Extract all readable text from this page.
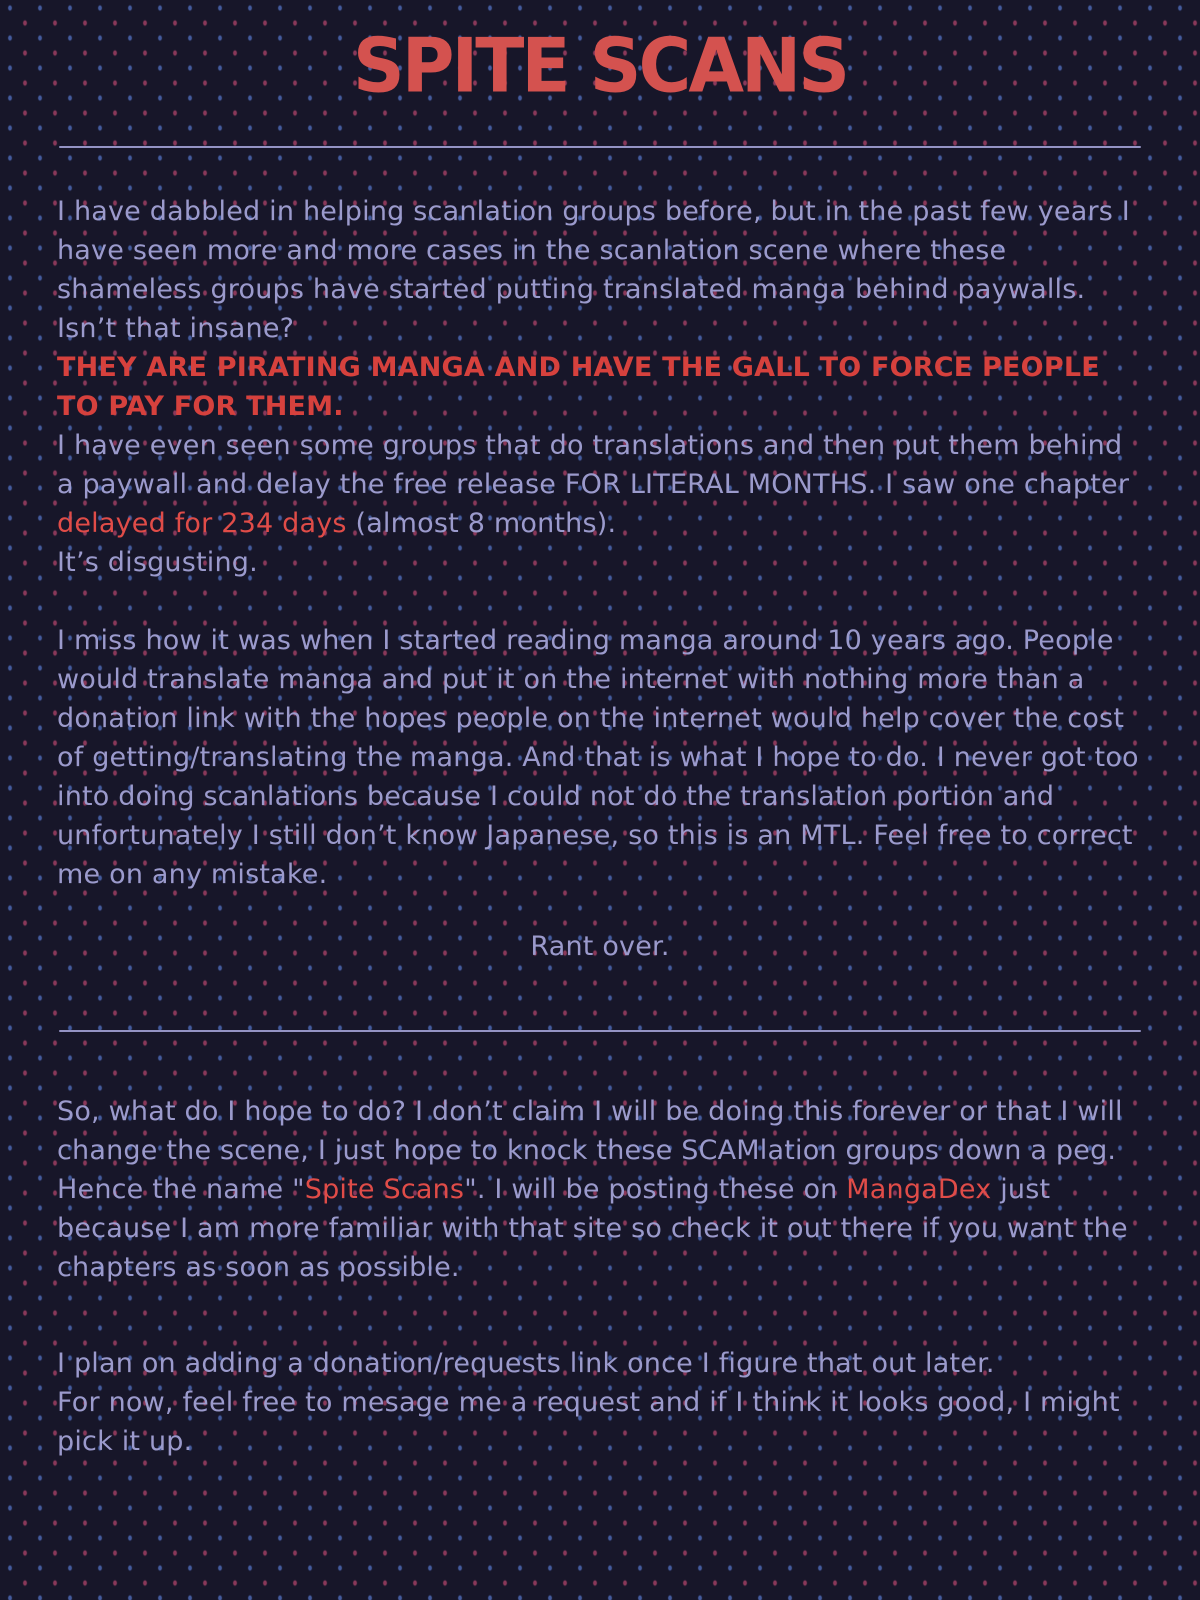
SPITE SCANS

I have dabbled in helping scanlation groups before, but in the past few years I have seen more and more cases in the scanlation scene where these shameless groups have started putting translated manga behind paywalls.
Isn’t that insane?
THEY ARE PIRATING MANGA AND HAVE THE GALL TO FORCE PEOPLE TO PAY FOR THEM.
I have even seen some groups that do translations and then put them behind a paywall and delay the free release FOR LITERAL MONTHS. I saw one chapter delayed for 234 days (almost 8 months).
It’s disgusting.

I miss how it was when I started reading manga around 10 years ago. People would translate manga and put it on the internet with nothing more than a donation link with the hopes people on the internet would help cover the cost of getting/translating the manga. And that is what I hope to do. I never got too into doing scanlations because I could not do the translation portion and unfortunately I still don’t know Japanese, so this is an MTL. Feel free to correct me on any mistake.

Rant over.

So, what do I hope to do? I don’t claim I will be doing this forever or that I will change the scene, I just hope to knock these SCAMlation groups down a peg. Hence the name "Spite Scans". I will be posting these on MangaDex just because I am more familiar with that site so check it out there if you want the chapters as soon as possible.

I plan on adding a donation/requests link once I figure that out later.
For now, feel free to mesage me a request and if I think it looks good, I might pick it up.
